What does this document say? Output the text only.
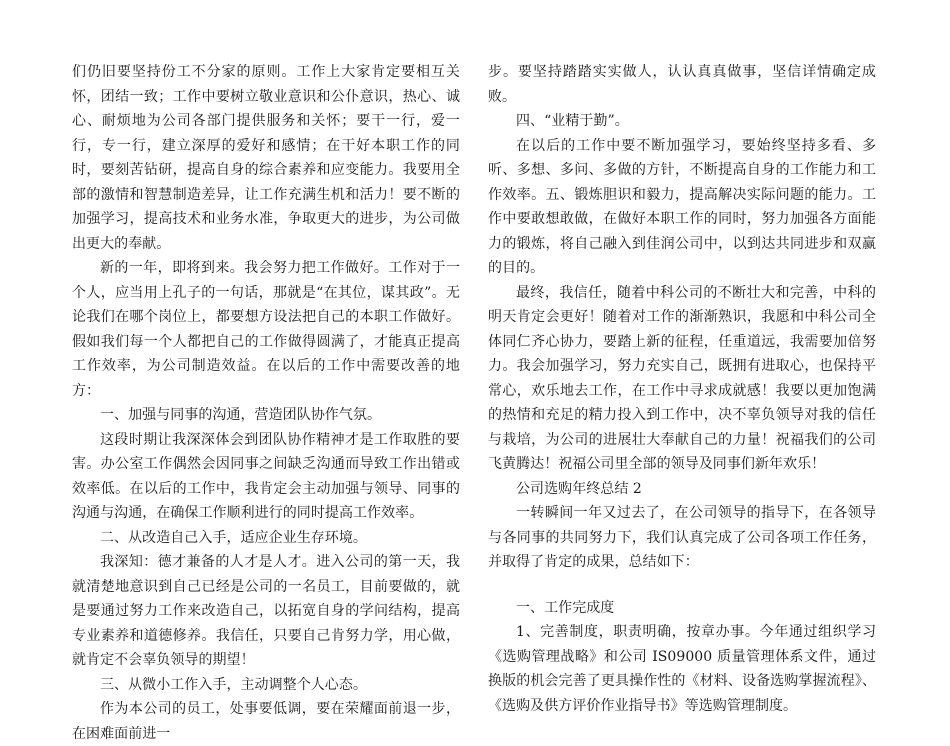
们仍旧要坚持份工不分家的原则。工作上大家肯定要相互关怀，团结一致；工作中要树立敬业意识和公仆意识，热心、诚心、耐烦地为公司各部门提供服务和关怀；要干一行，爱一行，专一行，建立深厚的爱好和感情；在干好本职工作的同时，要刻苦钻研，提高自身的综合素养和应变能力。我要用全部的激情和智慧制造差异，让工作充满生机和活力！要不断的加强学习，提高技术和业务水准，争取更大的进步，为公司做出更大的奉献。

新的一年，即将到来。我会努力把工作做好。工作对于一个人，应当用上孔子的一句话，那就是“在其位，谋其政”。无论我们在哪个岗位上，都要想方设法把自己的本职工作做好。假如我们每一个人都把自己的工作做得圆满了，才能真正提高工作效率，为公司制造效益。在以后的工作中需要改善的地方：

一、加强与同事的沟通，营造团队协作气氛。

这段时期让我深深体会到团队协作精神才是工作取胜的要害。办公室工作偶然会因同事之间缺乏沟通而导致工作出错或效率低。在以后的工作中，我肯定会主动加强与领导、同事的沟通与沟通，在确保工作顺利进行的同时提高工作效率。

二、从改造自己入手，适应企业生存环境。

我深知：德才兼备的人才是人才。进入公司的第一天，我就清楚地意识到自己已经是公司的一名员工，目前要做的，就是要通过努力工作来改造自己，以拓宽自身的学问结构，提高专业素养和道德修养。我信任，只要自己肯努力学，用心做，就肯定不会辜负领导的期望！

三、从微小工作入手，主动调整个人心态。

作为本公司的员工，处事要低调，要在荣耀面前退一步，在困难面前进一

步。要坚持踏踏实实做人，认认真真做事，坚信详情确定成败。

四、“业精于勤”。

在以后的工作中要不断加强学习，要始终坚持多看、多听、多想、多问、多做的方针，不断提高自身的工作能力和工作效率。五、锻炼胆识和毅力，提高解决实际问题的能力。工作中要敢想敢做，在做好本职工作的同时，努力加强各方面能力的锻炼，将自己融入到佳润公司中，以到达共同进步和双赢的目的。

最终，我信任，随着中科公司的不断壮大和完善，中科的明天肯定会更好！随着对工作的渐渐熟识，我愿和中科公司全体同仁齐心协力，要踏上新的征程，任重道远，我需要加倍努力。我会加强学习，努力充实自己，既拥有进取心，也保持平常心，欢乐地去工作，在工作中寻求成就感！我要以更加饱满的热情和充足的精力投入到工作中，决不辜负领导对我的信任与栽培，为公司的进展壮大奉献自己的力量！祝福我们的公司飞黄腾达！祝福公司里全部的领导及同事们新年欢乐！

公司选购年终总结 2

一转瞬间一年又过去了，在公司领导的指导下，在各领导与各同事的共同努力下，我们认真完成了公司各项工作任务，并取得了肯定的成果，总结如下：

一、工作完成度

1、完善制度，职责明确，按章办事。今年通过组织学习《选购管理战略》和公司 IS09000 质量管理体系文件，通过换版的机会完善了更具操作性的《材料、设备选购掌握流程》、《选购及供方评价作业指导书》等选购管理制度。
